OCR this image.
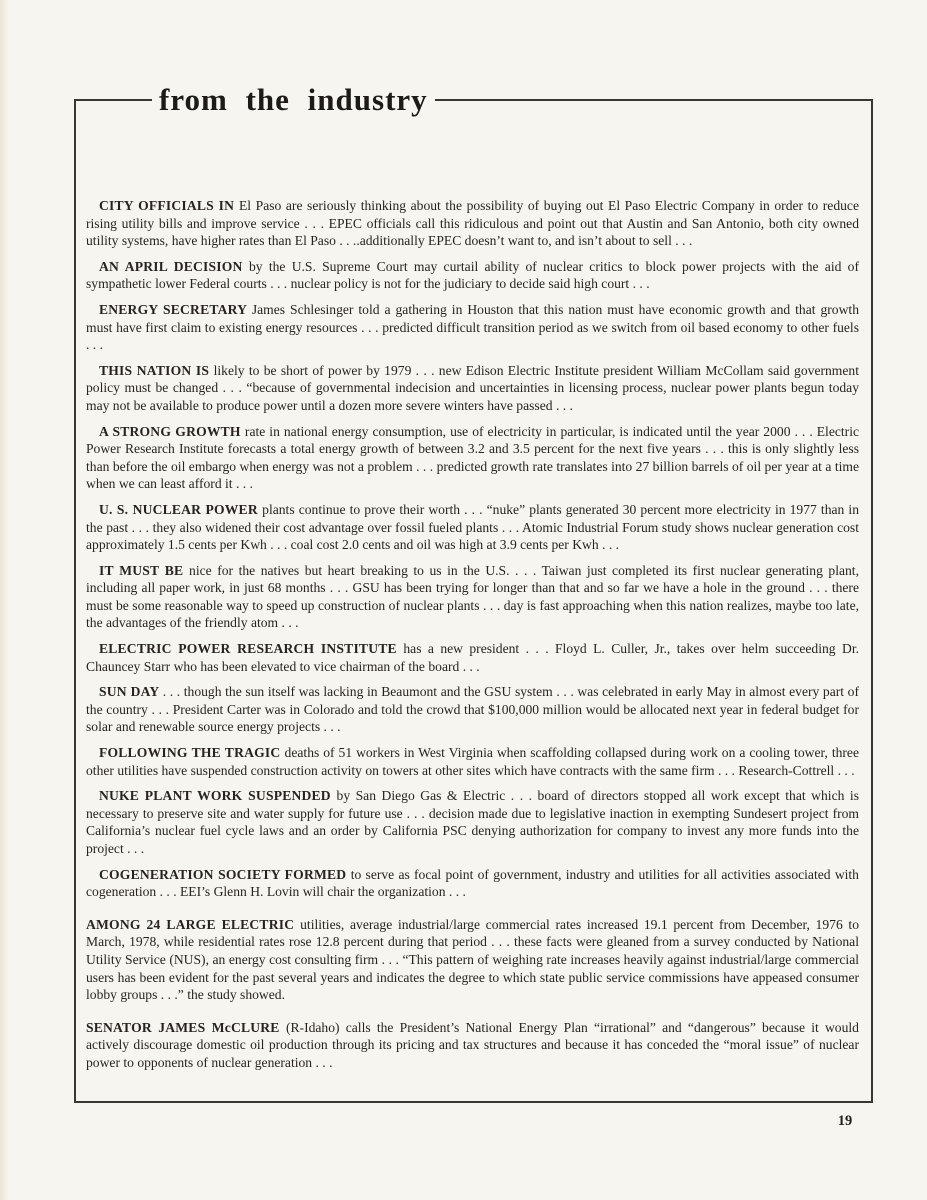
from the industry

CITY OFFICIALS IN El Paso are seriously thinking about the possibility of buying out El Paso Electric Company in order to reduce rising utility bills and improve service . . . EPEC officials call this ridiculous and point out that Austin and San Antonio, both city owned utility systems, have higher rates than El Paso . . ..additionally EPEC doesn’t want to, and isn’t about to sell . . .

AN APRIL DECISION by the U.S. Supreme Court may curtail ability of nuclear critics to block power projects with the aid of sympathetic lower Federal courts . . . nuclear policy is not for the judiciary to decide said high court . . .

ENERGY SECRETARY James Schlesinger told a gathering in Houston that this nation must have economic growth and that growth must have first claim to existing energy resources . . . predicted difficult transition period as we switch from oil based economy to other fuels . . .

THIS NATION IS likely to be short of power by 1979 . . . new Edison Electric Institute president William McCollam said government policy must be changed . . . “because of governmental indecision and uncertainties in licensing process, nuclear power plants begun today may not be available to produce power until a dozen more severe winters have passed . . .

A STRONG GROWTH rate in national energy consumption, use of electricity in particular, is indicated until the year 2000 . . . Electric Power Research Institute forecasts a total energy growth of between 3.2 and 3.5 percent for the next five years . . . this is only slightly less than before the oil embargo when energy was not a problem . . . predicted growth rate translates into 27 billion barrels of oil per year at a time when we can least afford it . . .

U. S. NUCLEAR POWER plants continue to prove their worth . . . “nuke” plants generated 30 percent more electricity in 1977 than in the past . . . they also widened their cost advantage over fossil fueled plants . . . Atomic Industrial Forum study shows nuclear generation cost approximately 1.5 cents per Kwh . . . coal cost 2.0 cents and oil was high at 3.9 cents per Kwh . . .

IT MUST BE nice for the natives but heart breaking to us in the U.S. . . . Taiwan just completed its first nuclear generating plant, including all paper work, in just 68 months . . . GSU has been trying for longer than that and so far we have a hole in the ground . . . there must be some reasonable way to speed up construction of nuclear plants . . . day is fast approaching when this nation realizes, maybe too late, the advantages of the friendly atom . . .

ELECTRIC POWER RESEARCH INSTITUTE has a new president . . . Floyd L. Culler, Jr., takes over helm succeeding Dr. Chauncey Starr who has been elevated to vice chairman of the board . . .

SUN DAY . . . though the sun itself was lacking in Beaumont and the GSU system . . . was celebrated in early May in almost every part of the country . . . President Carter was in Colorado and told the crowd that $100,000 million would be allocated next year in federal budget for solar and renewable source energy projects . . .

FOLLOWING THE TRAGIC deaths of 51 workers in West Virginia when scaffolding collapsed during work on a cooling tower, three other utilities have suspended construction activity on towers at other sites which have contracts with the same firm . . . Research-Cottrell . . .

NUKE PLANT WORK SUSPENDED by San Diego Gas & Electric . . . board of directors stopped all work except that which is necessary to preserve site and water supply for future use . . . decision made due to legislative inaction in exempting Sundesert project from California’s nuclear fuel cycle laws and an order by California PSC denying authorization for company to invest any more funds into the project . . .

COGENERATION SOCIETY FORMED to serve as focal point of government, industry and utilities for all activities associated with cogeneration . . . EEI’s Glenn H. Lovin will chair the organization . . .

AMONG 24 LARGE ELECTRIC utilities, average industrial/large commercial rates increased 19.1 percent from December, 1976 to March, 1978, while residential rates rose 12.8 percent during that period . . . these facts were gleaned from a survey conducted by National Utility Service (NUS), an energy cost consulting firm . . . “This pattern of weighing rate increases heavily against industrial/large commercial users has been evident for the past several years and indicates the degree to which state public service commissions have appeased consumer lobby groups . . .” the study showed.

SENATOR JAMES McCLURE (R-Idaho) calls the President’s National Energy Plan “irrational” and “dangerous” because it would actively discourage domestic oil production through its pricing and tax structures and because it has conceded the “moral issue” of nuclear power to opponents of nuclear generation . . .

19
